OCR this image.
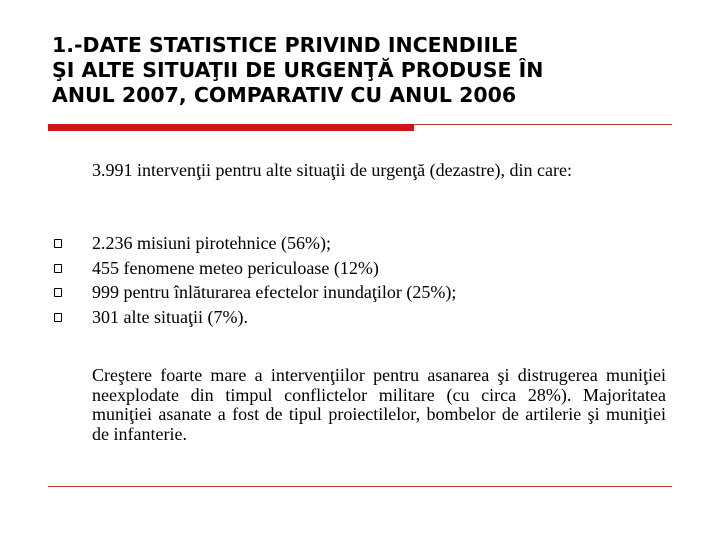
1.-DATE STATISTICE PRIVIND INCENDIILE
ŞI ALTE SITUAŢII DE URGENŢĂ PRODUSE ÎN
ANUL 2007, COMPARATIV CU ANUL 2006

3.991 intervenţii pentru alte situaţii de urgenţă (dezastre), din care:

2.236 misiuni pirotehnice (56%);
455 fenomene meteo periculoase (12%)
999 pentru înlăturarea efectelor inundaţilor (25%);
301 alte situaţii (7%).

Creştere foarte mare a intervenţiilor pentru asanarea şi distrugerea muniţiei neexplodate din timpul conflictelor militare (cu circa 28%). Majoritatea muniţiei asanate a fost de tipul proiectilelor, bombelor de artilerie şi muniţiei de infanterie.
